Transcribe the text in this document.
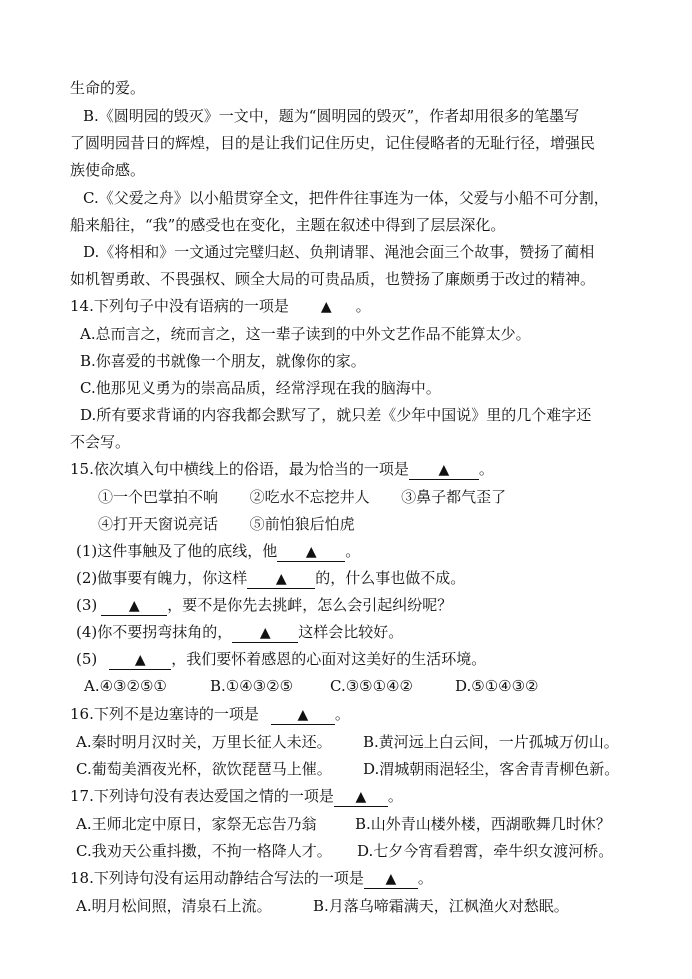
生命的爱。
B.《圆明园的毁灭》一文中，题为“圆明园的毁灭”，作者却用很多的笔墨写
了圆明园昔日的辉煌，目的是让我们记住历史，记住侵略者的无耻行径，增强民
族使命感。
C.《父爱之舟》以小船贯穿全文，把件件往事连为一体，父爱与小船不可分割，
船来船往，“我”的感受也在变化，主题在叙述中得到了层层深化。
D.《将相和》一文通过完璧归赵、负荆请罪、渑池会面三个故事，赞扬了蔺相
如机智勇敢、不畏强权、顾全大局的可贵品质，也赞扬了廉颇勇于改过的精神。
14.下列句子中没有语病的一项是 ▲ 。
A.总而言之，统而言之，这一辈子读到的中外文艺作品不能算太少。
B.你喜爱的书就像一个朋友，就像你的家。
C.他那见义勇为的崇高品质，经常浮现在我的脑海中。
D.所有要求背诵的内容我都会默写了，就只差《少年中国说》里的几个难字还
不会写。
15.依次填入句中横线上的俗语，最为恰当的一项是 ▲ 。
①一个巴掌拍不响 ②吃水不忘挖井人 ③鼻子都气歪了
④打开天窗说亮话 ⑤前怕狼后怕虎
(1)这件事触及了他的底线，他 ▲ 。
(2)做事要有魄力，你这样 ▲ 的，什么事也做不成。
(3) ▲ ，要不是你先去挑衅，怎么会引起纠纷呢？
(4)你不要拐弯抹角的， ▲ 这样会比较好。
(5)	▲ ，我们要怀着感恩的心面对这美好的生活环境。
A.④③②⑤①	B.①④③②⑤ C.③⑤①④②	D.⑤①④③②
16.下列不是边塞诗的一项是	▲ 。
A.秦时明月汉时关，万里长征人未还。 B.黄河远上白云间，一片孤城万仞山。
C.葡萄美酒夜光杯，欲饮琵琶马上催。 D.渭城朝雨浥轻尘，客舍青青柳色新。
17.下列诗句没有表达爱国之情的一项是 ▲ 。
A.王师北定中原日，家祭无忘告乃翁	B.山外青山楼外楼，西湖歌舞几时休？
C.我劝天公重抖擞，不拘一格降人才。 D.七夕今宵看碧霄，牵牛织女渡河桥。
18.下列诗句没有运用动静结合写法的一项是 ▲ 。
A.明月松间照，清泉石上流。	B.月落乌啼霜满天，江枫渔火对愁眠。
